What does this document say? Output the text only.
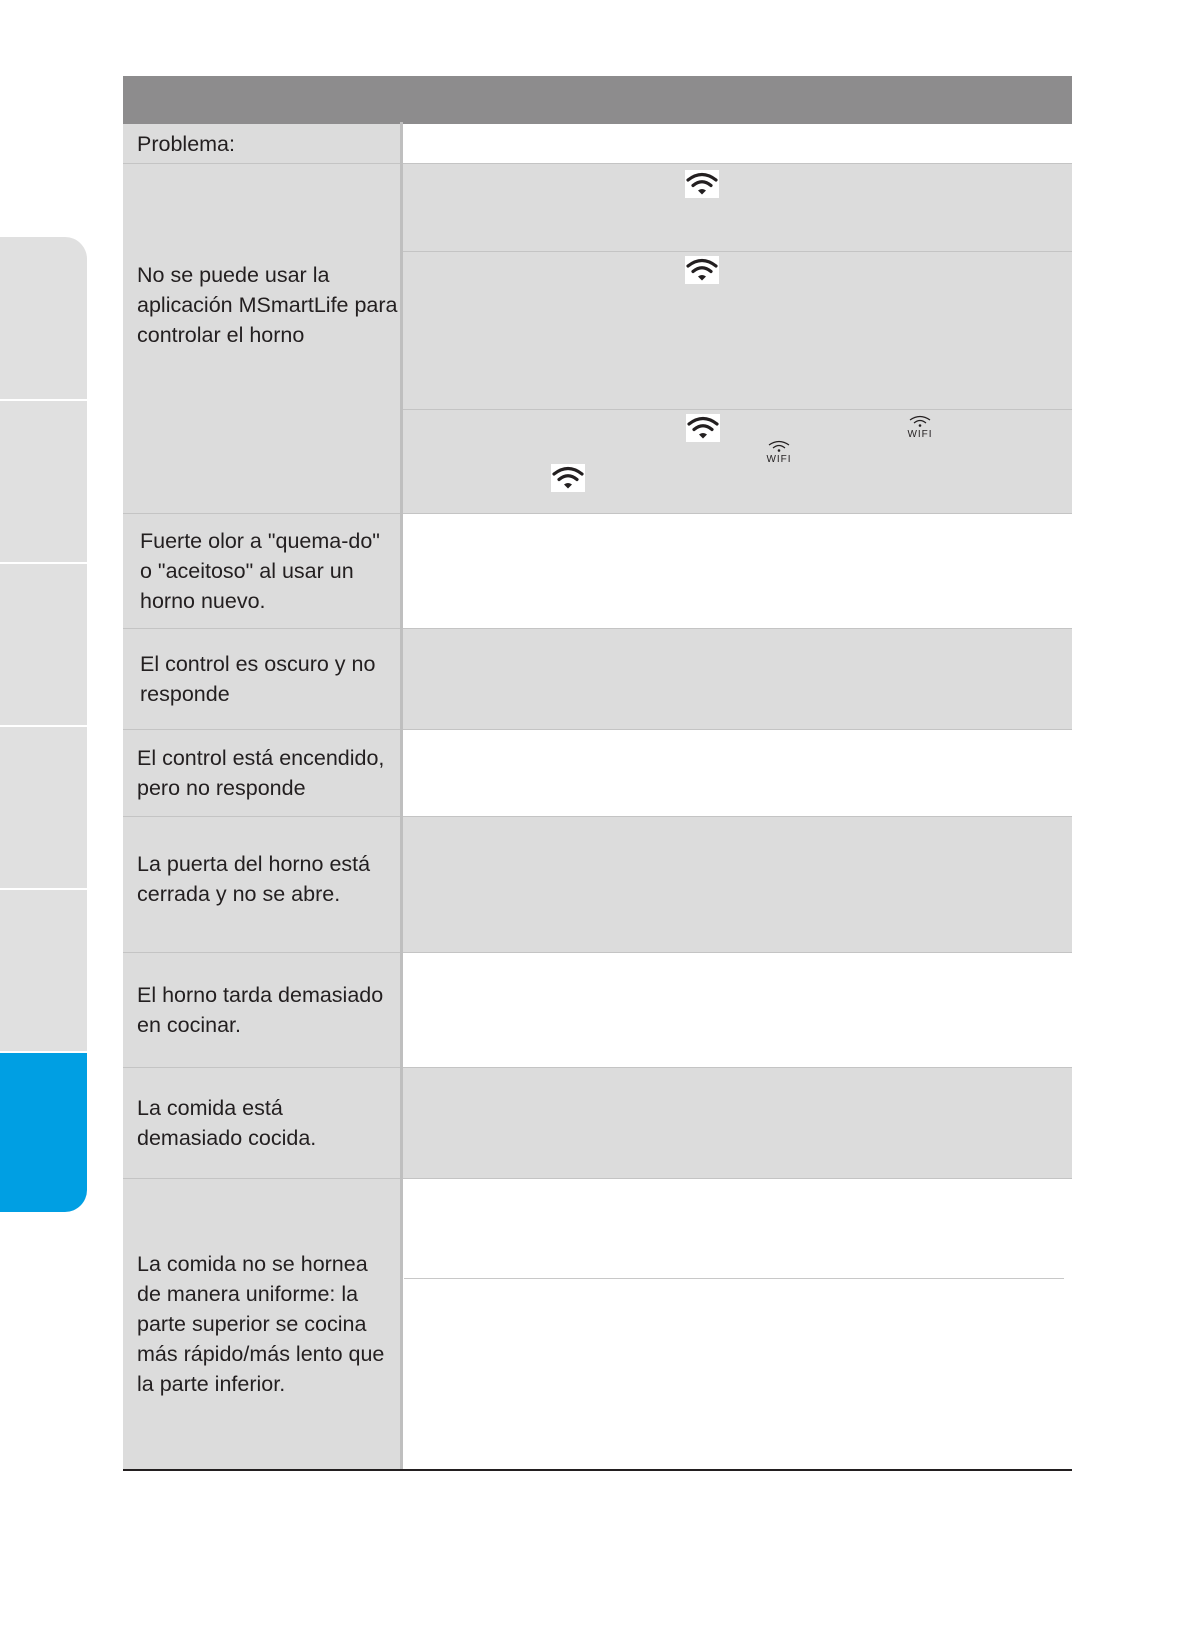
Problema:
No se puede usar la aplicación MSmartLife para controlar el horno
Fuerte olor a "quema-do" o "aceitoso" al usar un horno nuevo.
El control es oscuro y no responde
El control está encendido, pero no responde
La puerta del horno está cerrada y no se abre.
El horno tarda demasiado en cocinar.
La comida está demasiado cocida.
La comida no se hornea de manera uniforme: la parte superior se cocina más rápido/más lento que la parte inferior.
WIFI
WIFI
